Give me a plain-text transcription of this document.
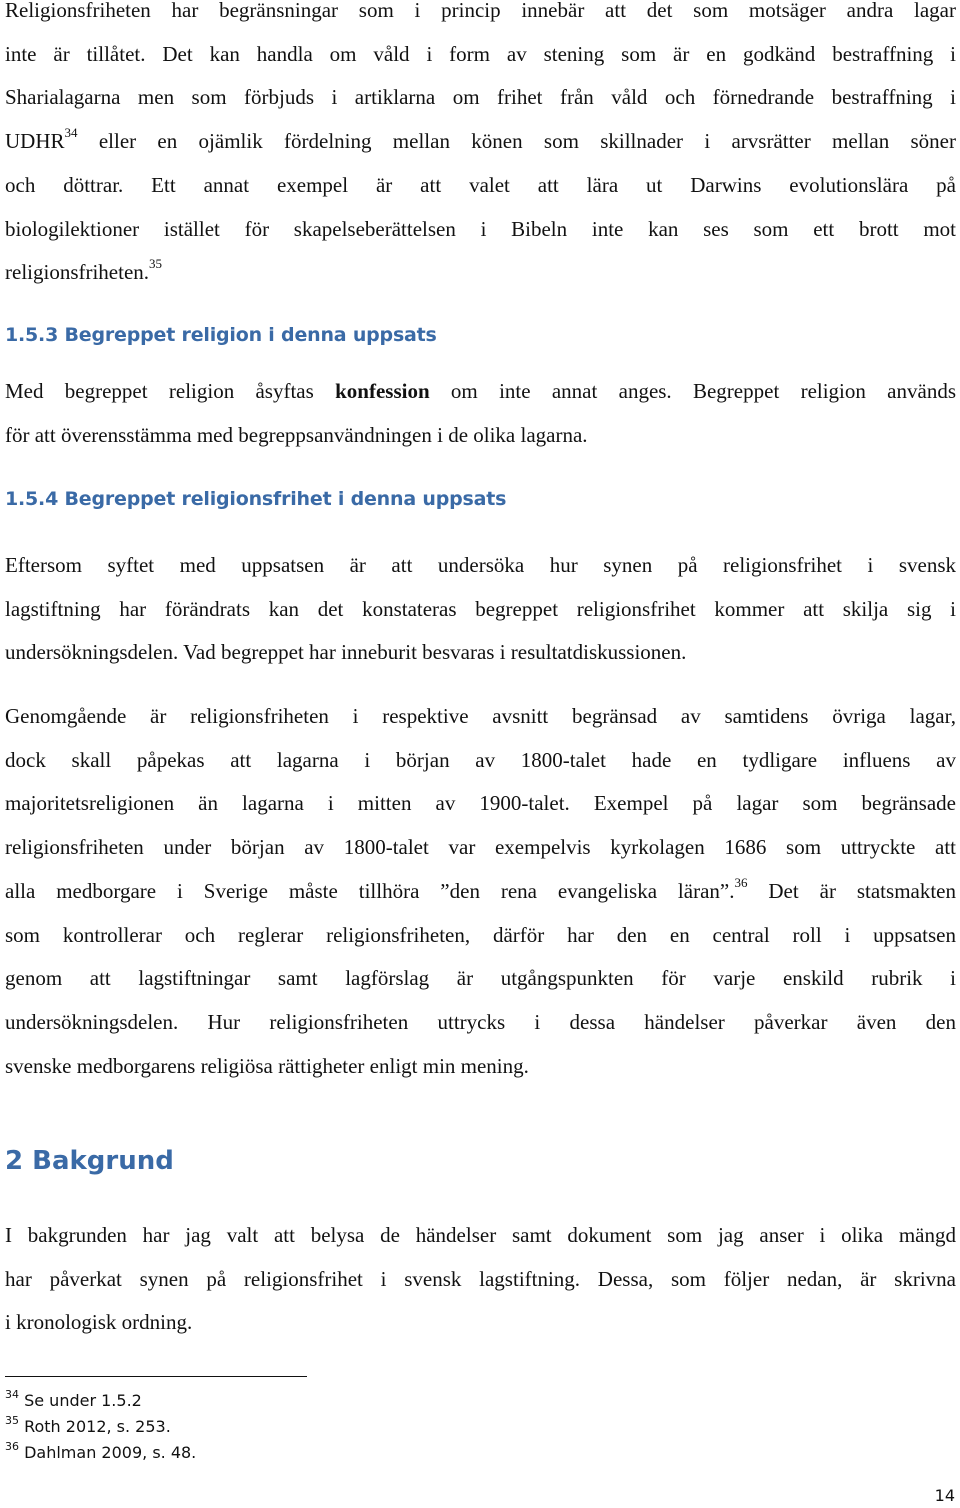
Religionsfriheten har begränsningar som i princip innebär att det som motsäger andra lagar
inte är tillåtet. Det kan handla om våld i form av stening som är en godkänd bestraffning i
Sharialagarna men som förbjuds i artiklarna om frihet från våld och förnedrande bestraffning i
UDHR$^{34}$ eller en ojämlik fördelning mellan könen som skillnader i arvsrätter mellan söner
och döttrar. Ett annat exempel är att valet att lära ut Darwins evolutionslära på
biologilektioner istället för skapelseberättelsen i Bibeln inte kan ses som ett brott mot
religionsfriheten.$^{35}$

1.5.3 Begreppet religion i denna uppsats

Med begreppet religion åsyftas konfession om inte annat anges. Begreppet religion används
för att överensstämma med begreppsanvändningen i de olika lagarna.

1.5.4 Begreppet religionsfrihet i denna uppsats

Eftersom syftet med uppsatsen är att undersöka hur synen på religionsfrihet i svensk
lagstiftning har förändrats kan det konstateras begreppet religionsfrihet kommer att skilja sig i
undersökningsdelen. Vad begreppet har inneburit besvaras i resultatdiskussionen.

Genomgående är religionsfriheten i respektive avsnitt begränsad av samtidens övriga lagar,
dock skall påpekas att lagarna i början av 1800-talet hade en tydligare influens av
majoritetsreligionen än lagarna i mitten av 1900-talet. Exempel på lagar som begränsade
religionsfriheten under början av 1800-talet var exempelvis kyrkolagen 1686 som uttryckte att
alla medborgare i Sverige måste tillhöra ”den rena evangeliska läran”.$^{36}$ Det är statsmakten
som kontrollerar och reglerar religionsfriheten, därför har den en central roll i uppsatsen
genom att lagstiftningar samt lagförslag är utgångspunkten för varje enskild rubrik i
undersökningsdelen. Hur religionsfriheten uttrycks i dessa händelser påverkar även den
svenske medborgarens religiösa rättigheter enligt min mening.

2 Bakgrund

I bakgrunden har jag valt att belysa de händelser samt dokument som jag anser i olika mängd
har påverkat synen på religionsfrihet i svensk lagstiftning. Dessa, som följer nedan, är skrivna
i kronologisk ordning.

$^{34}$ Se under 1.5.2
$^{35}$ Roth 2012, s. 253.
$^{36}$ Dahlman 2009, s. 48.
14
